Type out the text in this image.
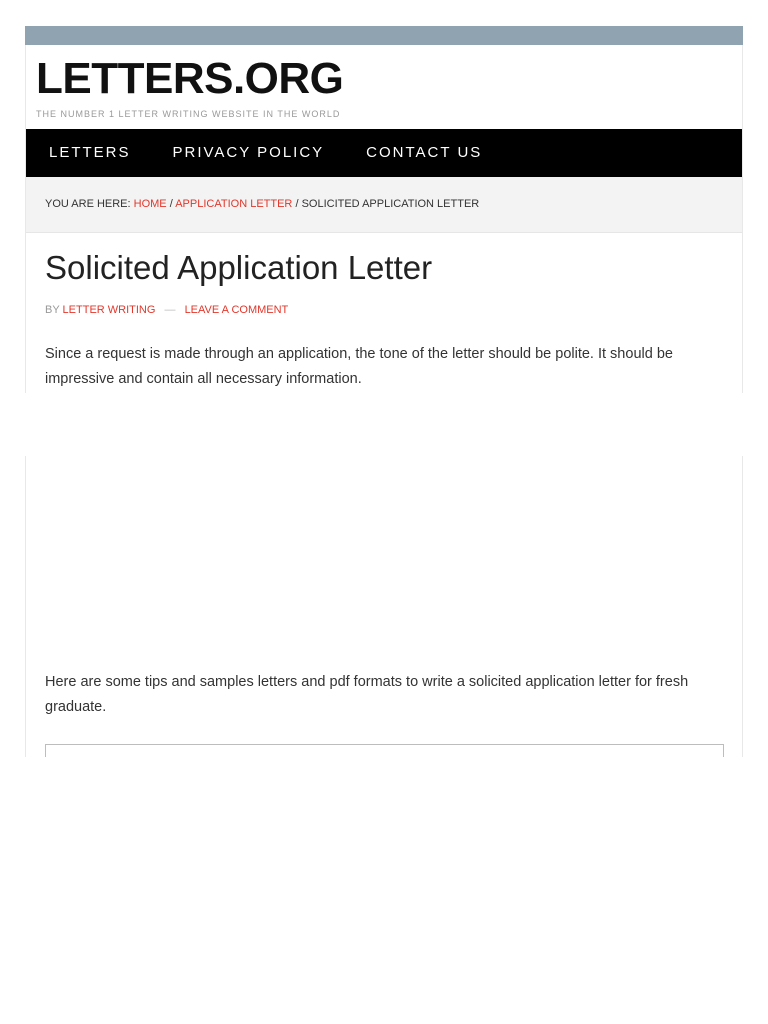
LETTERS.ORG
THE NUMBER 1 LETTER WRITING WEBSITE IN THE WORLD
LETTERS	PRIVACY POLICY	CONTACT US
YOU ARE HERE: HOME / APPLICATION LETTER / SOLICITED APPLICATION LETTER
Solicited Application Letter
BY LETTER WRITING — LEAVE A COMMENT

Since a request is made through an application, the tone of the letter should be polite. It should be impressive and contain all necessary information.

Here are some tips and samples letters and pdf formats to write a solicited application letter for fresh graduate.
